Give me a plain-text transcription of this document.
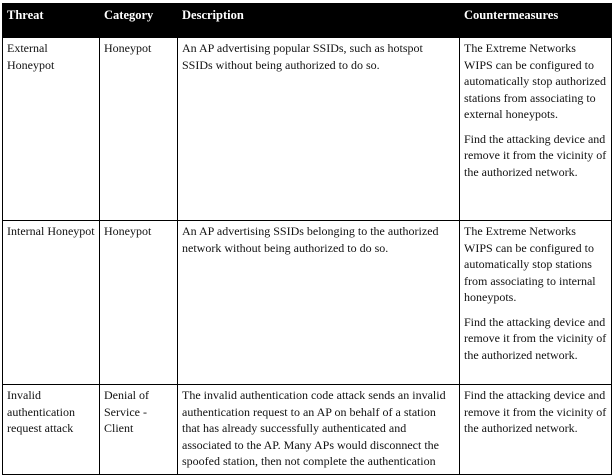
Threat	Category	Description	Countermeasures
External Honeypot	Honeypot	An AP advertising popular SSIDs, such as hotspot SSIDs without being authorized to do so.	The Extreme Networks WIPS can be configured to automatically stop authorized stations from associating to external honeypots.

Find the attacking device and remove it from the vicinity of the authorized network.

Internal Honeypot	Honeypot	An AP advertising SSIDs belonging to the authorized network without being authorized to do so.	The Extreme Networks WIPS can be configured to automatically stop stations from associating to internal honeypots.

Find the attacking device and remove it from the vicinity of the authorized network.

Invalid authentication request attack	Denial of Service - Client	The invalid authentication code attack sends an invalid authentication request to an AP on behalf of a station that has already successfully authenticated and associated to the AP. Many APs would disconnect the spoofed station, then not complete the authentication	Find the attacking device and remove it from the vicinity of the authorized network.
